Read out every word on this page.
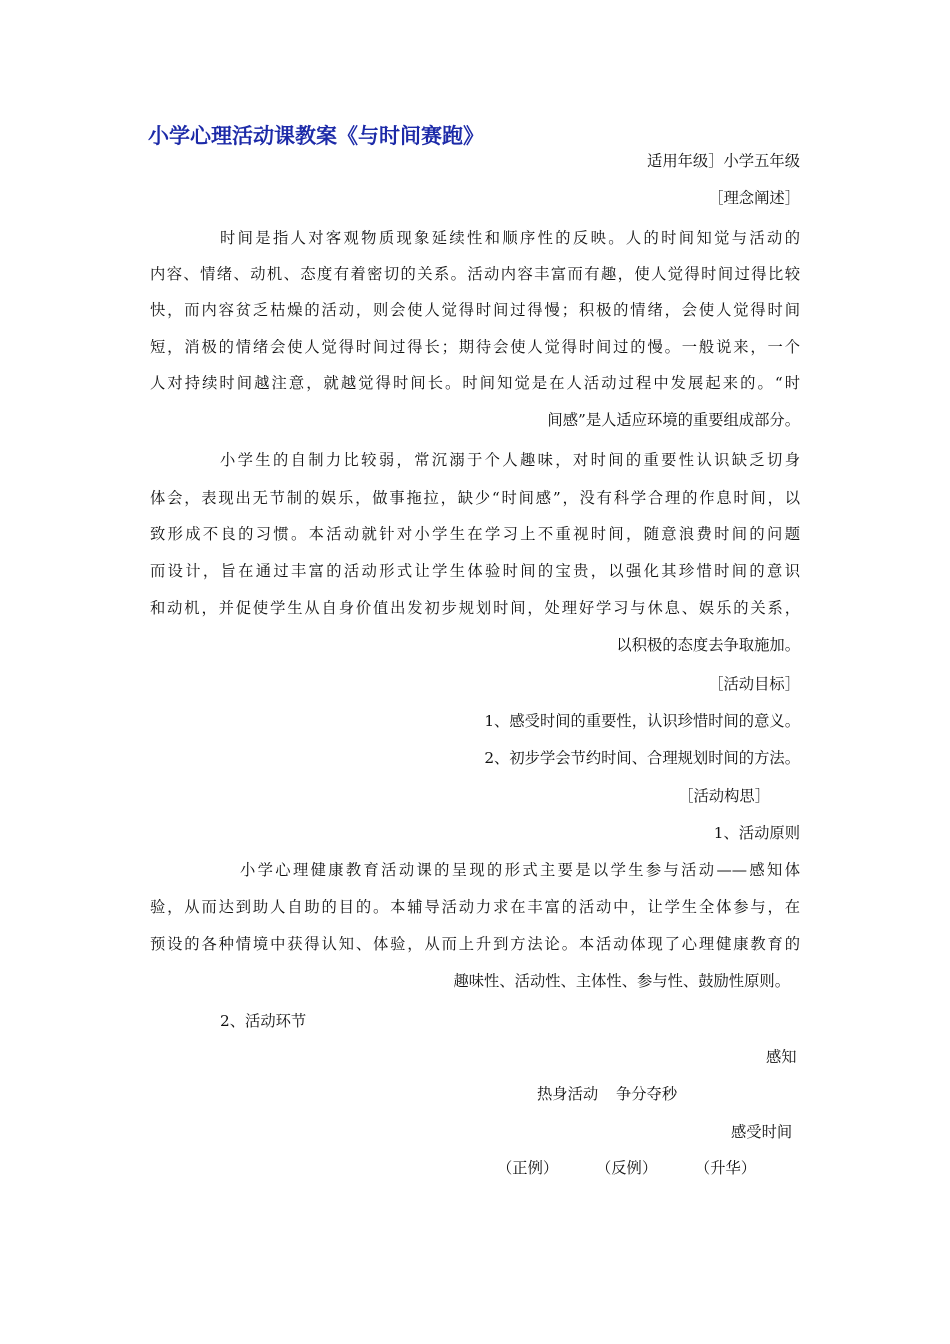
小学心理活动课教案《与时间赛跑》
适用年级］小学五年级
［理念阐述］
时间是指人对客观物质现象延续性和顺序性的反映。人的时间知觉与活动的
内容、情绪、动机、态度有着密切的关系。活动内容丰富而有趣，使人觉得时间过得比较
快，而内容贫乏枯燥的活动，则会使人觉得时间过得慢；积极的情绪，会使人觉得时间
短，消极的情绪会使人觉得时间过得长；期待会使人觉得时间过的慢。一般说来，一个
人对持续时间越注意，就越觉得时间长。时间知觉是在人活动过程中发展起来的。“时
间感”是人适应环境的重要组成部分。
小学生的自制力比较弱，常沉溺于个人趣味，对时间的重要性认识缺乏切身
体会，表现出无节制的娱乐，做事拖拉，缺少“时间感”，没有科学合理的作息时间，以
致形成不良的习惯。本活动就针对小学生在学习上不重视时间，随意浪费时间的问题
而设计，旨在通过丰富的活动形式让学生体验时间的宝贵，以强化其珍惜时间的意识
和动机，并促使学生从自身价值出发初步规划时间，处理好学习与休息、娱乐的关系，
以积极的态度去争取施加。
［活动目标］
1、感受时间的重要性，认识珍惜时间的意义。
2、初步学会节约时间、合理规划时间的方法。
［活动构思］
1、活动原则
小学心理健康教育活动课的呈现的形式主要是以学生参与活动——感知体
验，从而达到助人自助的目的。本辅导活动力求在丰富的活动中，让学生全体参与，在
预设的各种情境中获得认知、体验，从而上升到方法论。本活动体现了心理健康教育的
趣味性、活动性、主体性、参与性、鼓励性原则。
2、活动环节
感知
热身活动 争分夺秒
感受时间
（正例） （反例） （升华）
